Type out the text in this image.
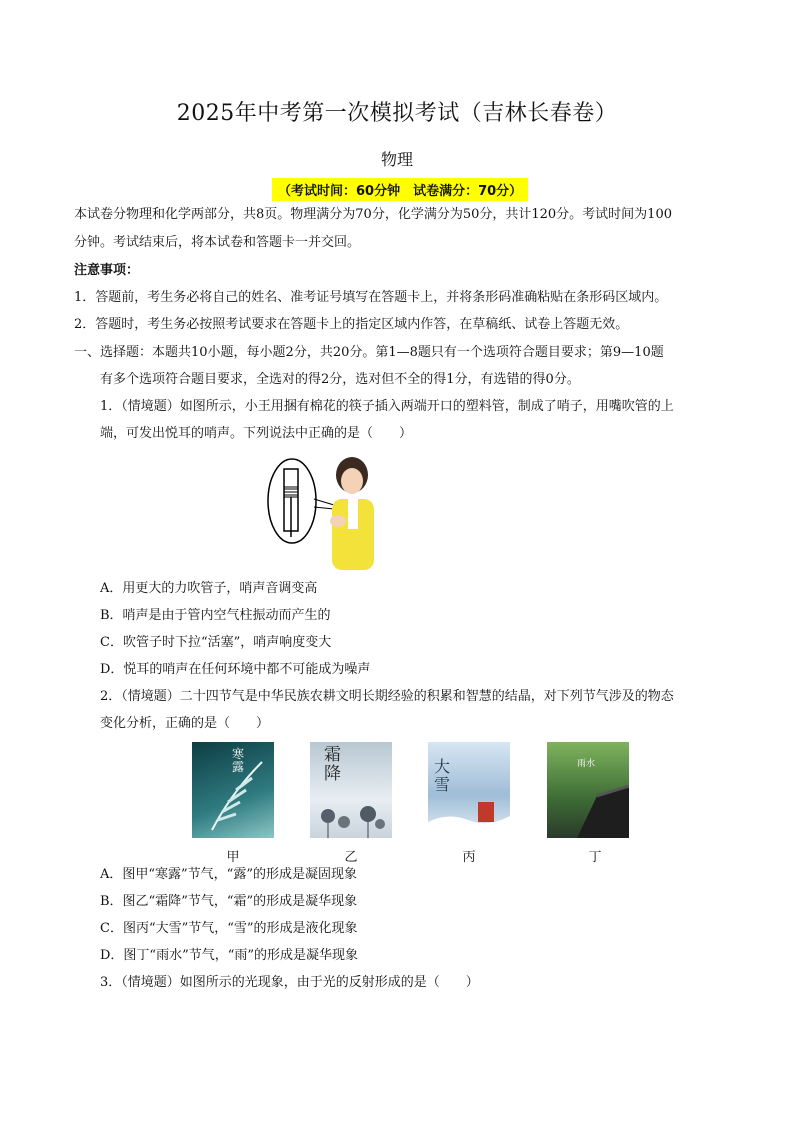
2025年中考第一次模拟考试（吉林长春卷）
物理
（考试时间：60分钟　试卷满分：70分）
本试卷分物理和化学两部分，共8页。物理满分为70分，化学满分为50分，共计120分。考试时间为100
分钟。考试结束后，将本试卷和答题卡一并交回。
注意事项：
1．答题前，考生务必将自己的姓名、准考证号填写在答题卡上，并将条形码准确粘贴在条形码区域内。
2．答题时，考生务必按照考试要求在答题卡上的指定区域内作答，在草稿纸、试卷上答题无效。
一、选择题：本题共10小题，每小题2分，共20分。第1—8题只有一个选项符合题目要求；第9—10题
有多个选项符合题目要求，全选对的得2分，选对但不全的得1分，有选错的得0分。
1．（情境题）如图所示，小王用捆有棉花的筷子插入两端开口的塑料管，制成了哨子，用嘴吹管的上
端，可发出悦耳的哨声。下列说法中正确的是（　　）
A．用更大的力吹管子，哨声音调变高
B．哨声是由于管内空气柱振动而产生的
C．吹管子时下拉“活塞”，哨声响度变大
D．悦耳的哨声在任何环境中都不可能成为噪声
2．（情境题）二十四节气是中华民族农耕文明长期经验的积累和智慧的结晶，对下列节气涉及的物态
变化分析，正确的是（　　）
寒露
霜降	大雪
雨水
甲	乙	丙	丁
A．图甲“寒露”节气，“露”的形成是凝固现象
B．图乙“霜降”节气，“霜”的形成是凝华现象
C．图丙“大雪”节气，“雪”的形成是液化现象
D．图丁“雨水”节气，“雨”的形成是凝华现象
3．（情境题）如图所示的光现象，由于光的反射形成的是（　　）
